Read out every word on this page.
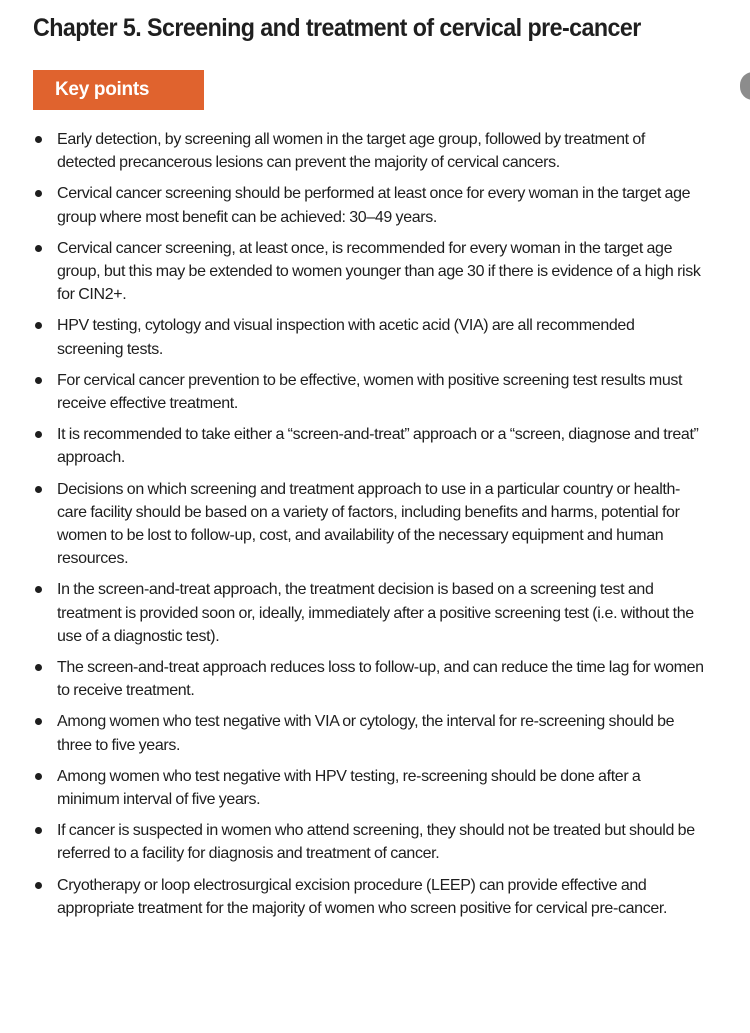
Chapter 5. Screening and treatment of cervical pre-cancer
Key points
Early detection, by screening all women in the target age group, followed by treatment of detected precancerous lesions can prevent the majority of cervical cancers.
Cervical cancer screening should be performed at least once for every woman in the target age group where most benefit can be achieved: 30–49 years.
Cervical cancer screening, at least once, is recommended for every woman in the target age group, but this may be extended to women younger than age 30 if there is evidence of a high risk for CIN2+.
HPV testing, cytology and visual inspection with acetic acid (VIA) are all recommended screening tests.
For cervical cancer prevention to be effective, women with positive screening test results must receive effective treatment.
It is recommended to take either a “screen-and-treat” approach or a “screen, diagnose and treat” approach.
Decisions on which screening and treatment approach to use in a particular country or health-care facility should be based on a variety of factors, including benefits and harms, potential for women to be lost to follow-up, cost, and availability of the necessary equipment and human resources.
In the screen-and-treat approach, the treatment decision is based on a screening test and treatment is provided soon or, ideally, immediately after a positive screening test (i.e. without the use of a diagnostic test).
The screen-and-treat approach reduces loss to follow-up, and can reduce the time lag for women to receive treatment.
Among women who test negative with VIA or cytology, the interval for re-screening should be three to five years.
Among women who test negative with HPV testing, re-screening should be done after a minimum interval of five years.
If cancer is suspected in women who attend screening, they should not be treated but should be referred to a facility for diagnosis and treatment of cancer.
Cryotherapy or loop electrosurgical excision procedure (LEEP) can provide effective and appropriate treatment for the majority of women who screen positive for cervical pre-cancer.
